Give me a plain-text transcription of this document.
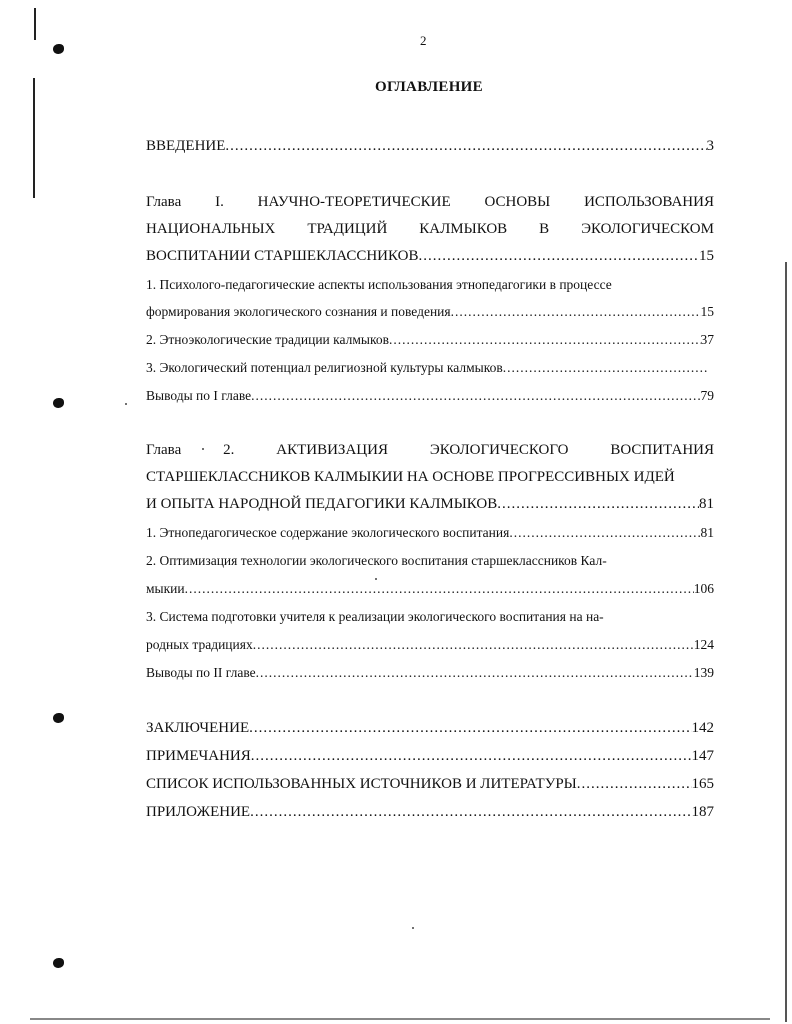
2
ОГЛАВЛЕНИЕ
ВВЕДЕНИЕ .....	3
Глава I. НАУЧНО-ТЕОРЕТИЧЕСКИЕ ОСНОВЫ ИСПОЛЬЗОВАНИЯ
НАЦИОНАЛЬНЫХ ТРАДИЦИЙ КАЛМЫКОВ В ЭКОЛОГИЧЕСКОМ
ВОСПИТАНИИ СТАРШЕКЛАССНИКОВ .....	15
1. Психолого-педагогические аспекты использования этнопедагогики в процессе
формирования экологического сознания и поведения .....	15
2. Этноэкологические традиции калмыков .....	37
3. Экологический потенциал религиозной культуры калмыков
.....
Выводы по I главе .....	79
Глава	2.	АКТИВИЗАЦИЯ	ЭКОЛОГИЧЕСКОГО	ВОСПИТАНИЯ
СТАРШЕКЛАССНИКОВ КАЛМЫКИИ НА ОСНОВЕ ПРОГРЕССИВНЫХ ИДЕЙ
И ОПЫТА НАРОДНОЙ ПЕДАГОГИКИ КАЛМЫКОВ .....	81
1. Этнопедагогическое содержание экологического воспитания .....	81
2. Оптимизация технологии экологического воспитания старшеклассников Кал-
мыкии .....	106
3. Система подготовки учителя к реализации экологического воспитания на на-
родных традициях .....	124
Выводы по II главе .....	139
ЗАКЛЮЧЕНИЕ .....	142
ПРИМЕЧАНИЯ .....	147
СПИСОК ИСПОЛЬЗОВАННЫХ ИСТОЧНИКОВ И ЛИТЕРАТУРЫ .....	165
ПРИЛОЖЕНИЕ .....	187
